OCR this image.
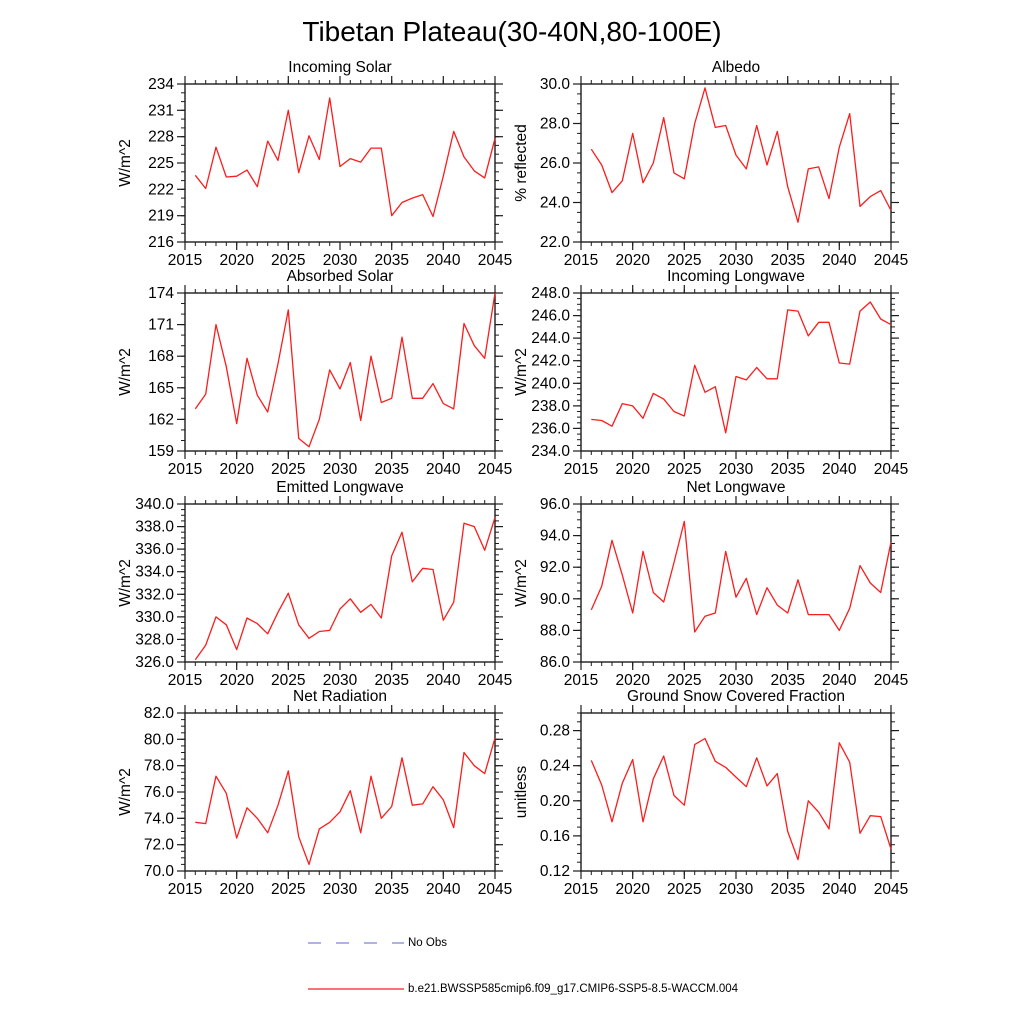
Tibetan Plateau(30-40N,80-100E)
Incoming Solar
W/m^2
216
219
222
225
228
231
234
2015 2020 2025 2030 2035 2040 2045
Albedo
% reflected
22.0
24.0
26.0
28.0
30.0
2015 2020 2025 2030 2035 2040 2045
Absorbed Solar
W/m^2
159
162
165
168
171
174
2015 2020 2025 2030 2035 2040 2045
Incoming Longwave
W/m^2
234.0
236.0
238.0
240.0
242.0
244.0
246.0
248.0
2015 2020 2025 2030 2035 2040 2045
Emitted Longwave
W/m^2
326.0
328.0
330.0
332.0
334.0
336.0
338.0
340.0
2015 2020 2025 2030 2035 2040 2045
Net Longwave
W/m^2
86.0
88.0
90.0
92.0
94.0
96.0
2015 2020 2025 2030 2035 2040 2045
Net Radiation
W/m^2
70.0
72.0
74.0
76.0
78.0
80.0
82.0
2015 2020 2025 2030 2035 2040 2045
Ground Snow Covered Fraction
unitless
0.12
0.16
0.20
0.24
0.28
2015 2020 2025 2030 2035 2040 2045
No Obs
b.e21.BWSSP585cmip6.f09_g17.CMIP6-SSP5-8.5-WACCM.004
